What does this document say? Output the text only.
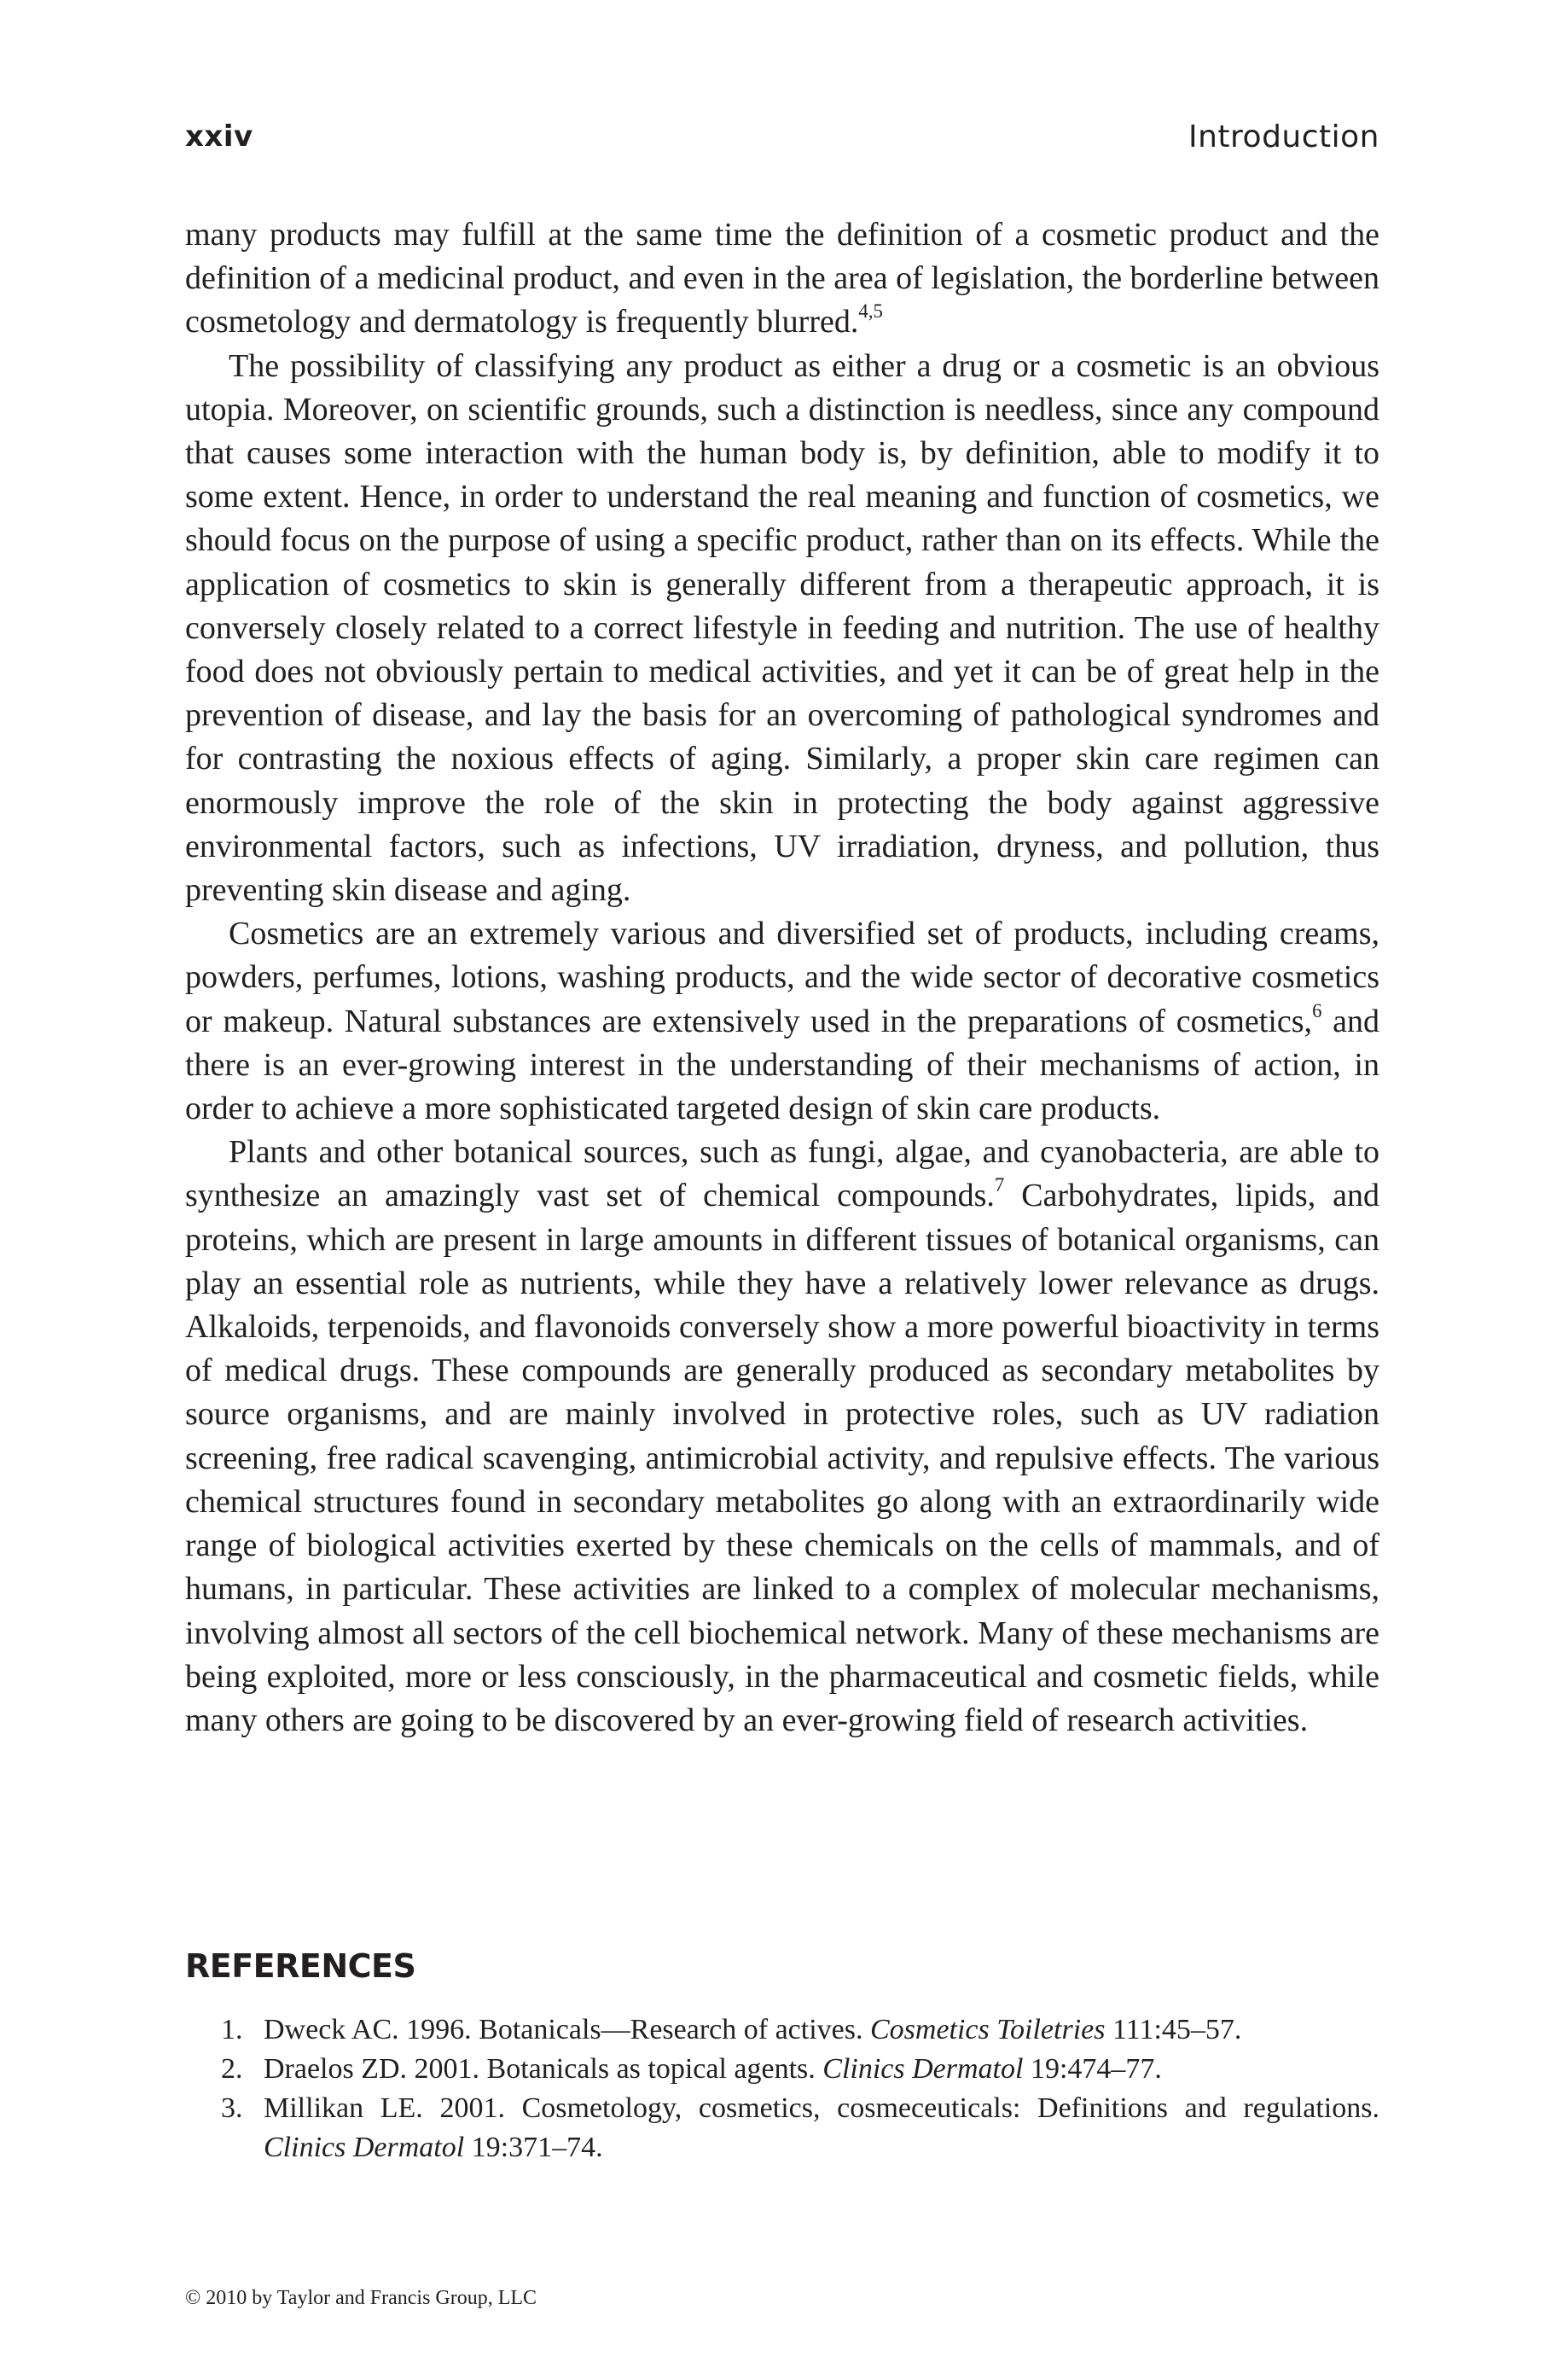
xxiv	Introduction

many products may fulfill at the same time the definition of a cosmetic product and the definition of a medicinal product, and even in the area of legislation, the borderline between cosmetology and dermatology is frequently blurred.$^{4,5}$

The possibility of classifying any product as either a drug or a cosmetic is an obvious utopia. Moreover, on scientific grounds, such a distinction is needless, since any compound that causes some interaction with the human body is, by definition, able to modify it to some extent. Hence, in order to understand the real meaning and function of cosmetics, we should focus on the purpose of using a specific product, rather than on its effects. While the application of cosmetics to skin is generally different from a therapeutic approach, it is conversely closely related to a correct lifestyle in feeding and nutrition. The use of healthy food does not obviously pertain to medical activities, and yet it can be of great help in the prevention of disease, and lay the basis for an overcoming of pathological syndromes and for contrasting the noxious effects of aging. Similarly, a proper skin care regimen can enormously improve the role of the skin in protecting the body against aggressive environmental factors, such as infections, UV irradiation, dryness, and pollution, thus preventing skin disease and aging.

Cosmetics are an extremely various and diversified set of products, including creams, powders, perfumes, lotions, washing products, and the wide sector of decorative cosmetics or makeup. Natural substances are extensively used in the preparations of cosmetics,$^6$ and there is an ever-growing interest in the understanding of their mechanisms of action, in order to achieve a more sophisticated targeted design of skin care products.

Plants and other botanical sources, such as fungi, algae, and cyanobacteria, are able to synthesize an amazingly vast set of chemical compounds.$^7$ Carbohydrates, lipids, and proteins, which are present in large amounts in different tissues of botanical organisms, can play an essential role as nutrients, while they have a relatively lower relevance as drugs. Alkaloids, terpenoids, and flavonoids conversely show a more powerful bioactivity in terms of medical drugs. These compounds are generally produced as secondary metabolites by source organisms, and are mainly involved in protective roles, such as UV radiation screening, free radical scavenging, antimicrobial activity, and repulsive effects. The various chemical structures found in secondary metabolites go along with an extraordinarily wide range of biological activities exerted by these chemicals on the cells of mammals, and of humans, in particular. These activities are linked to a complex of molecular mechanisms, involving almost all sectors of the cell biochemical network. Many of these mechanisms are being exploited, more or less consciously, in the pharmaceutical and cosmetic fields, while many others are going to be discovered by an ever-growing field of research activities.

REFERENCES
1. Dweck AC. 1996. Botanicals—Research of actives. Cosmetics Toiletries 111:45–57.
2. Draelos ZD. 2001. Botanicals as topical agents. Clinics Dermatol 19:474–77.
3. Millikan LE. 2001. Cosmetology, cosmetics, cosmeceuticals: Definitions and regulations. Clinics Dermatol 19:371–74.
© 2010 by Taylor and Francis Group, LLC
